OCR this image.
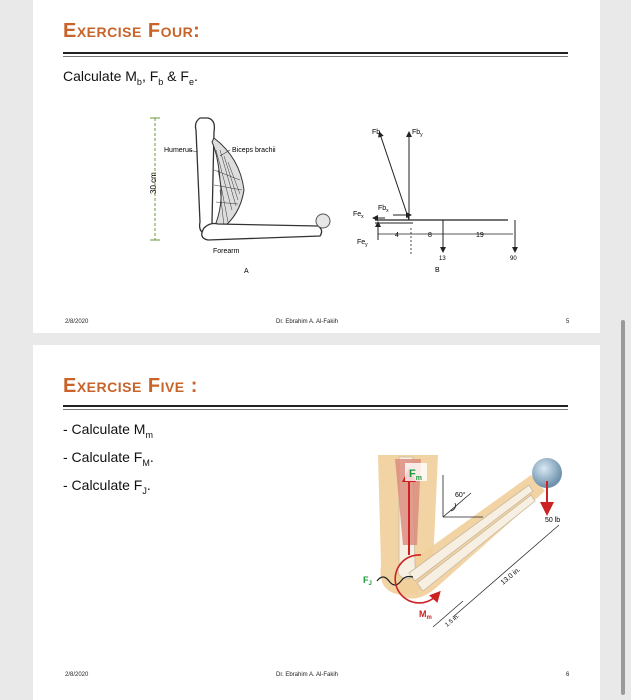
Exercise Four:
Calculate $M_b$, $F_b$ & $F_e$.
30 cm
Humerus	Biceps brachii
Forearm
A
Fb	$Fb_y$
$Fe_x$
$Fb_x$
$Fe_y$
4	8	19
13	90
B
2/8/2020	Dr. Ebrahim A. Al-Fakih	5
Exercise Five :
- Calculate $M_m$
- Calculate $F_M$.
- Calculate $F_J$.
$F_m$
60°
50 lb
13.0 in.
1.5 in.
$F_J$
$M_m$
2/8/2020	Dr. Ebrahim A. Al-Fakih	6
